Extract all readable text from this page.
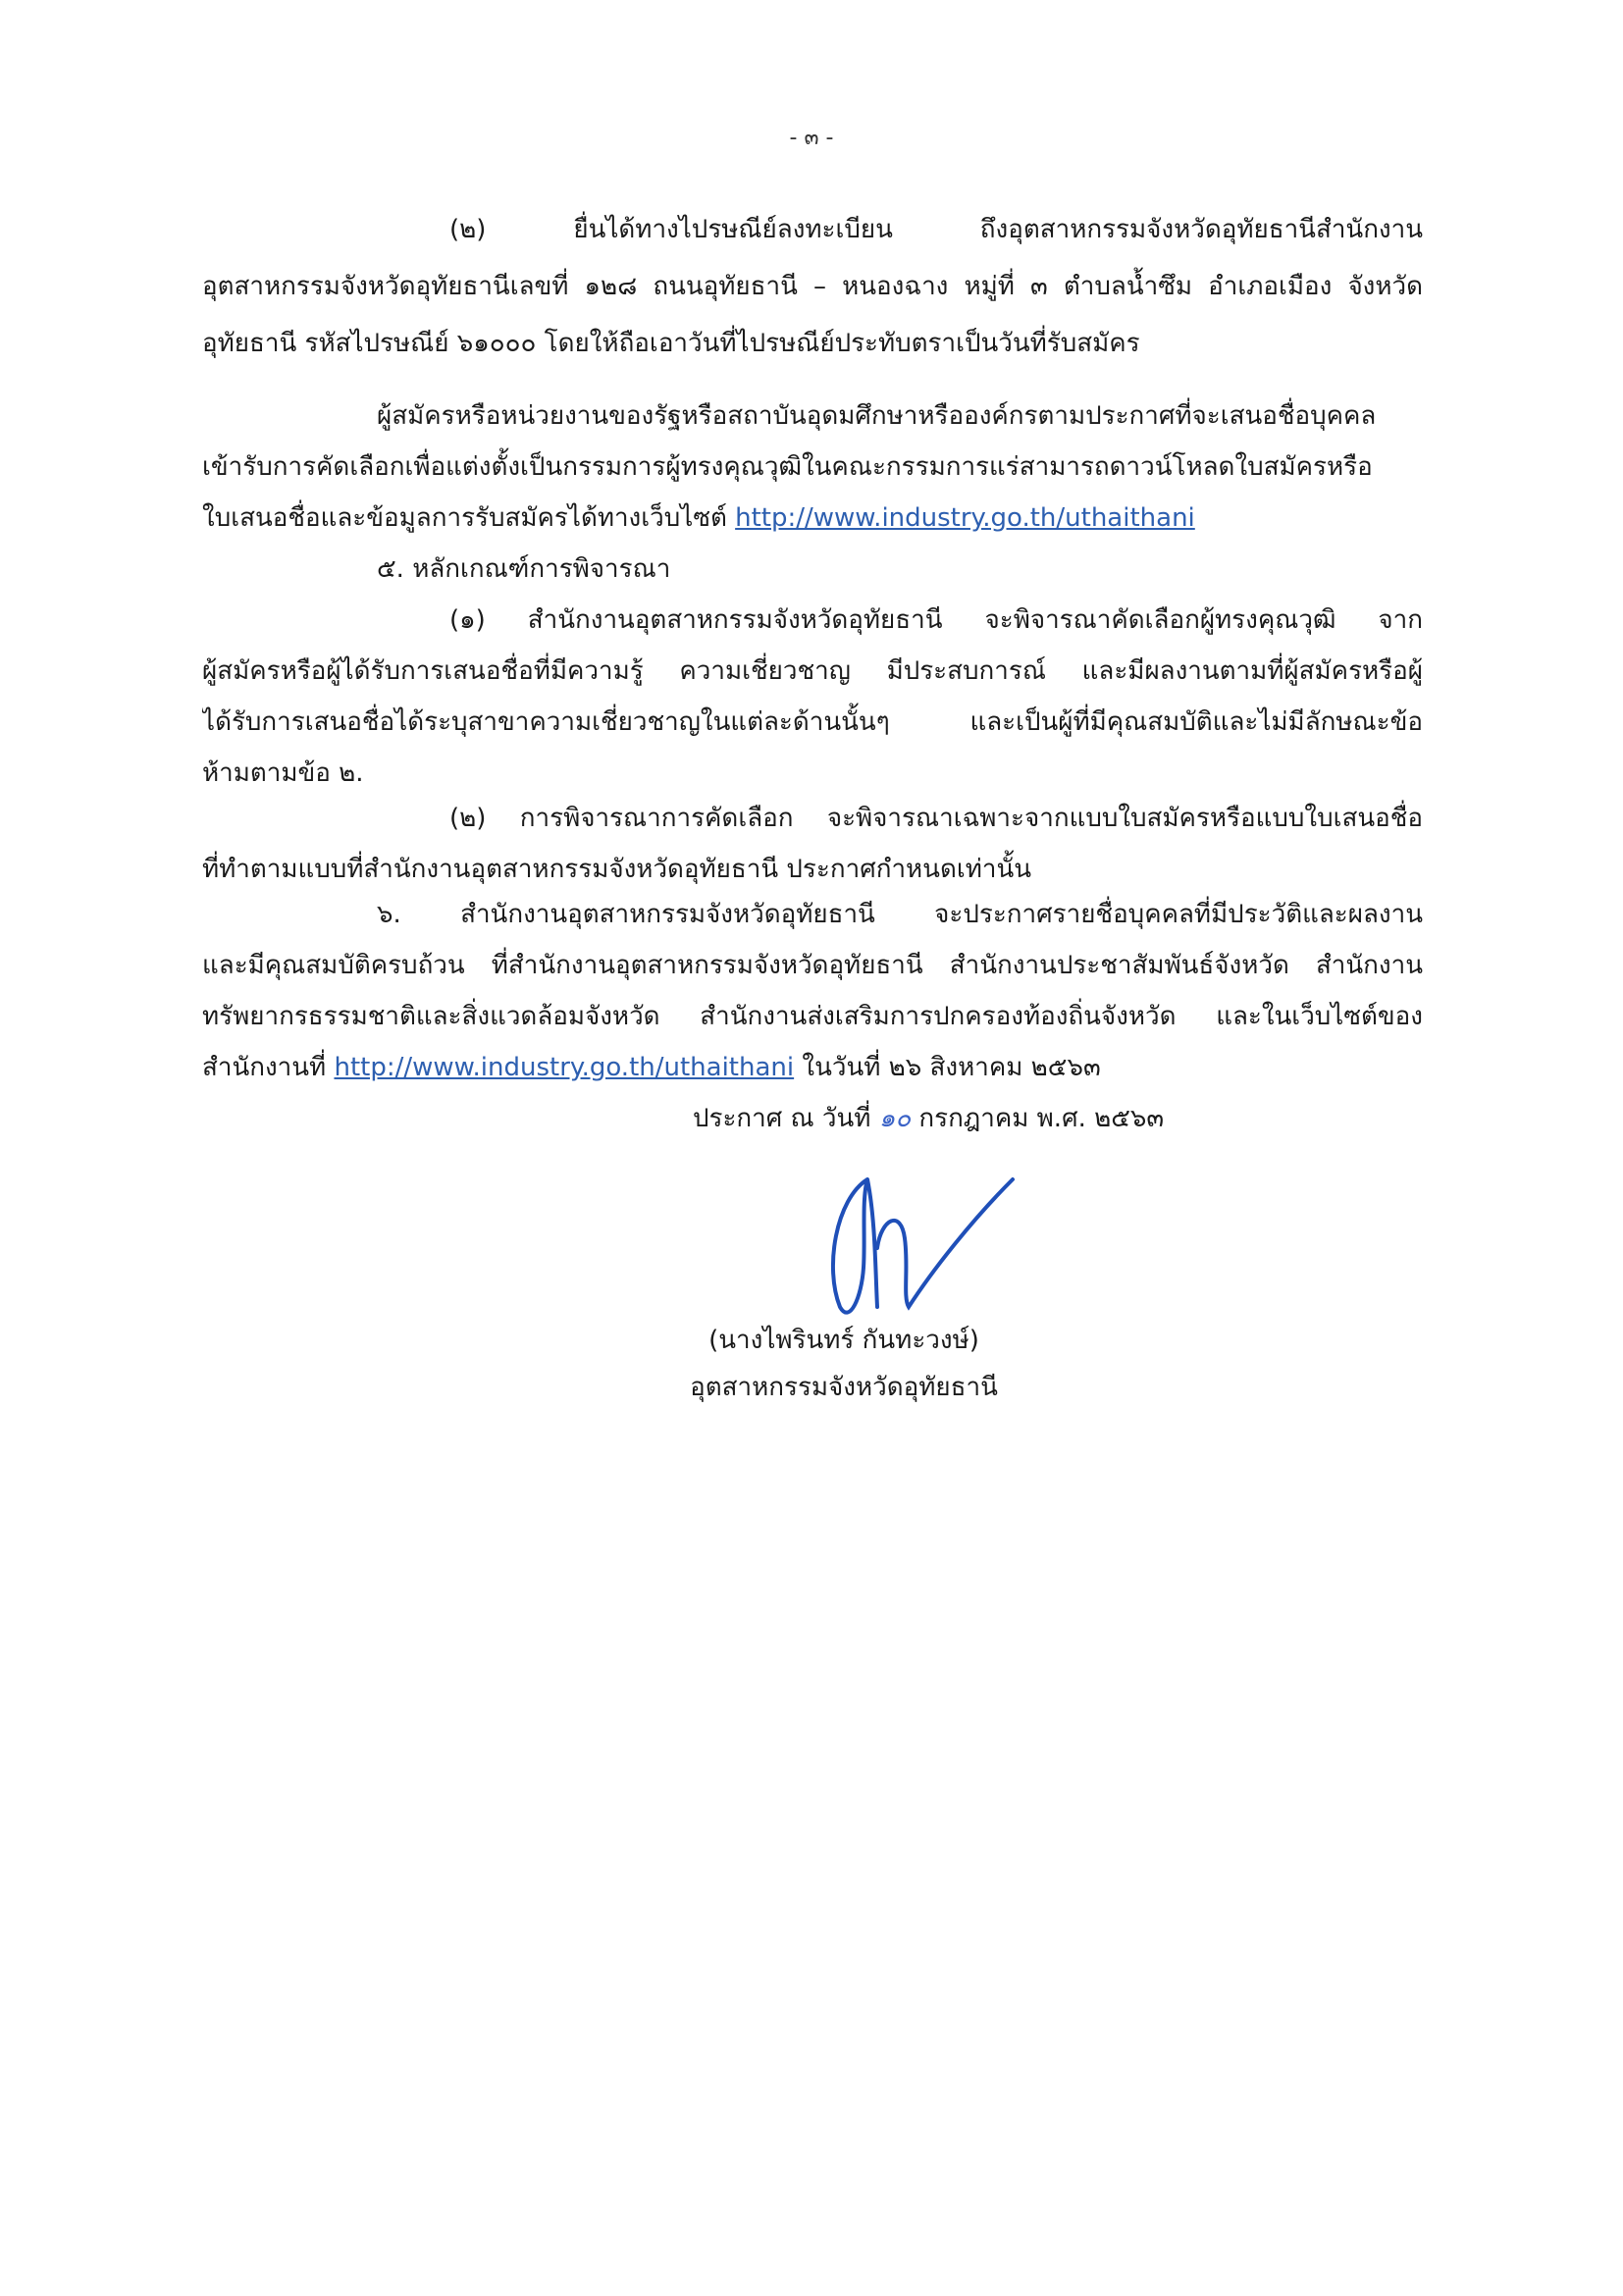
- ๓ -
(๒) ยื่นได้ทางไปรษณีย์ลงทะเบียน ถึงอุตสาหกรรมจังหวัดอุทัยธานีสำนักงาน
อุตสาหกรรมจังหวัดอุทัยธานีเลขที่ ๑๒๘ ถนนอุทัยธานี – หนองฉาง หมู่ที่ ๓ ตำบลน้ำซึม อำเภอเมือง จังหวัด
อุทัยธานี รหัสไปรษณีย์ ๖๑๐๐๐ โดยให้ถือเอาวันที่ไปรษณีย์ประทับตราเป็นวันที่รับสมัคร
ผู้สมัครหรือหน่วยงานของรัฐหรือสถาบันอุดมศึกษาหรือองค์กรตามประกาศที่จะเสนอชื่อบุคคล
เข้ารับการคัดเลือกเพื่อแต่งตั้งเป็นกรรมการผู้ทรงคุณวุฒิในคณะกรรมการแร่สามารถดาวน์โหลดใบสมัครหรือ
ใบเสนอชื่อและข้อมูลการรับสมัครได้ทางเว็บไซต์ http://www.industry.go.th/uthaithani
๕. หลักเกณฑ์การพิจารณา
(๑) สำนักงานอุตสาหกรรมจังหวัดอุทัยธานี จะพิจารณาคัดเลือกผู้ทรงคุณวุฒิ จาก
ผู้สมัครหรือผู้ได้รับการเสนอชื่อที่มีความรู้ ความเชี่ยวชาญ มีประสบการณ์ และมีผลงานตามที่ผู้สมัครหรือผู้
ได้รับการเสนอชื่อได้ระบุสาขาความเชี่ยวชาญในแต่ละด้านนั้นๆ และเป็นผู้ที่มีคุณสมบัติและไม่มีลักษณะข้อ
ห้ามตามข้อ ๒.
(๒) การพิจารณาการคัดเลือก จะพิจารณาเฉพาะจากแบบใบสมัครหรือแบบใบเสนอชื่อ
ที่ทำตามแบบที่สำนักงานอุตสาหกรรมจังหวัดอุทัยธานี ประกาศกำหนดเท่านั้น
๖. สำนักงานอุตสาหกรรมจังหวัดอุทัยธานี จะประกาศรายชื่อบุคคลที่มีประวัติและผลงาน
และมีคุณสมบัติครบถ้วน ที่สำนักงานอุตสาหกรรมจังหวัดอุทัยธานี สำนักงานประชาสัมพันธ์จังหวัด สำนักงาน
ทรัพยากรธรรมชาติและสิ่งแวดล้อมจังหวัด สำนักงานส่งเสริมการปกครองท้องถิ่นจังหวัด และในเว็บไซต์ของ
สำนักงานที่ http://www.industry.go.th/uthaithani ในวันที่ ๒๖ สิงหาคม ๒๕๖๓
ประกาศ ณ วันที่ ๑๐ กรกฎาคม พ.ศ. ๒๕๖๓
(นางไพรินทร์ กันทะวงษ์)
อุตสาหกรรมจังหวัดอุทัยธานี
